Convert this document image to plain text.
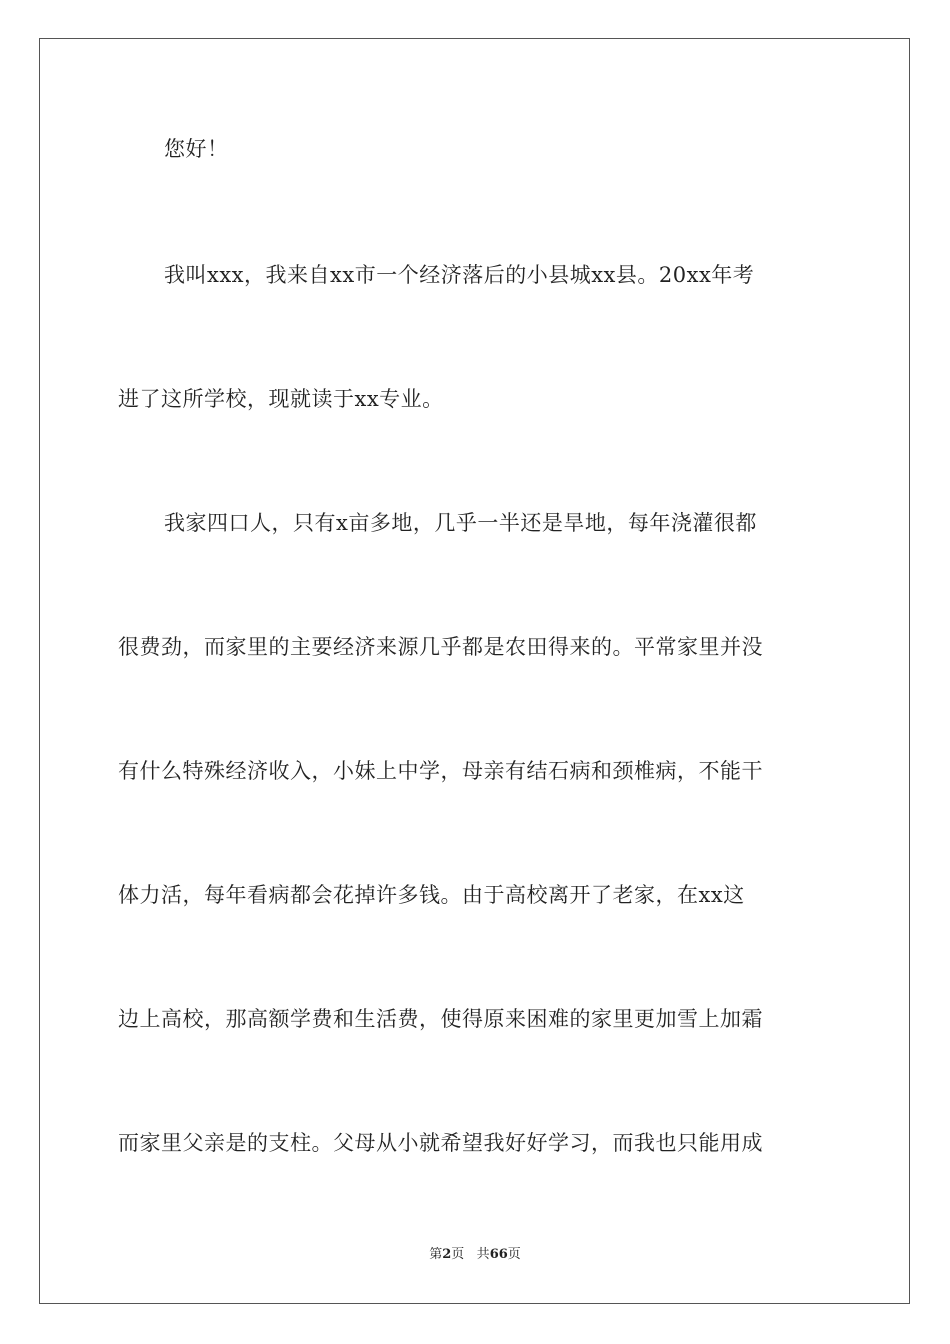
您好！
我叫xxx，我来自xx市一个经济落后的小县城xx县。20xx年考
进了这所学校，现就读于xx专业。
我家四口人，只有x亩多地，几乎一半还是旱地，每年浇灌很都
很费劲，而家里的主要经济来源几乎都是农田得来的。平常家里并没
有什么特殊经济收入，小妹上中学，母亲有结石病和颈椎病，不能干
体力活，每年看病都会花掉许多钱。由于高校离开了老家，在xx这
边上高校，那高额学费和生活费，使得原来困难的家里更加雪上加霜
而家里父亲是的支柱。父母从小就希望我好好学习，而我也只能用成
第2页 共66页
